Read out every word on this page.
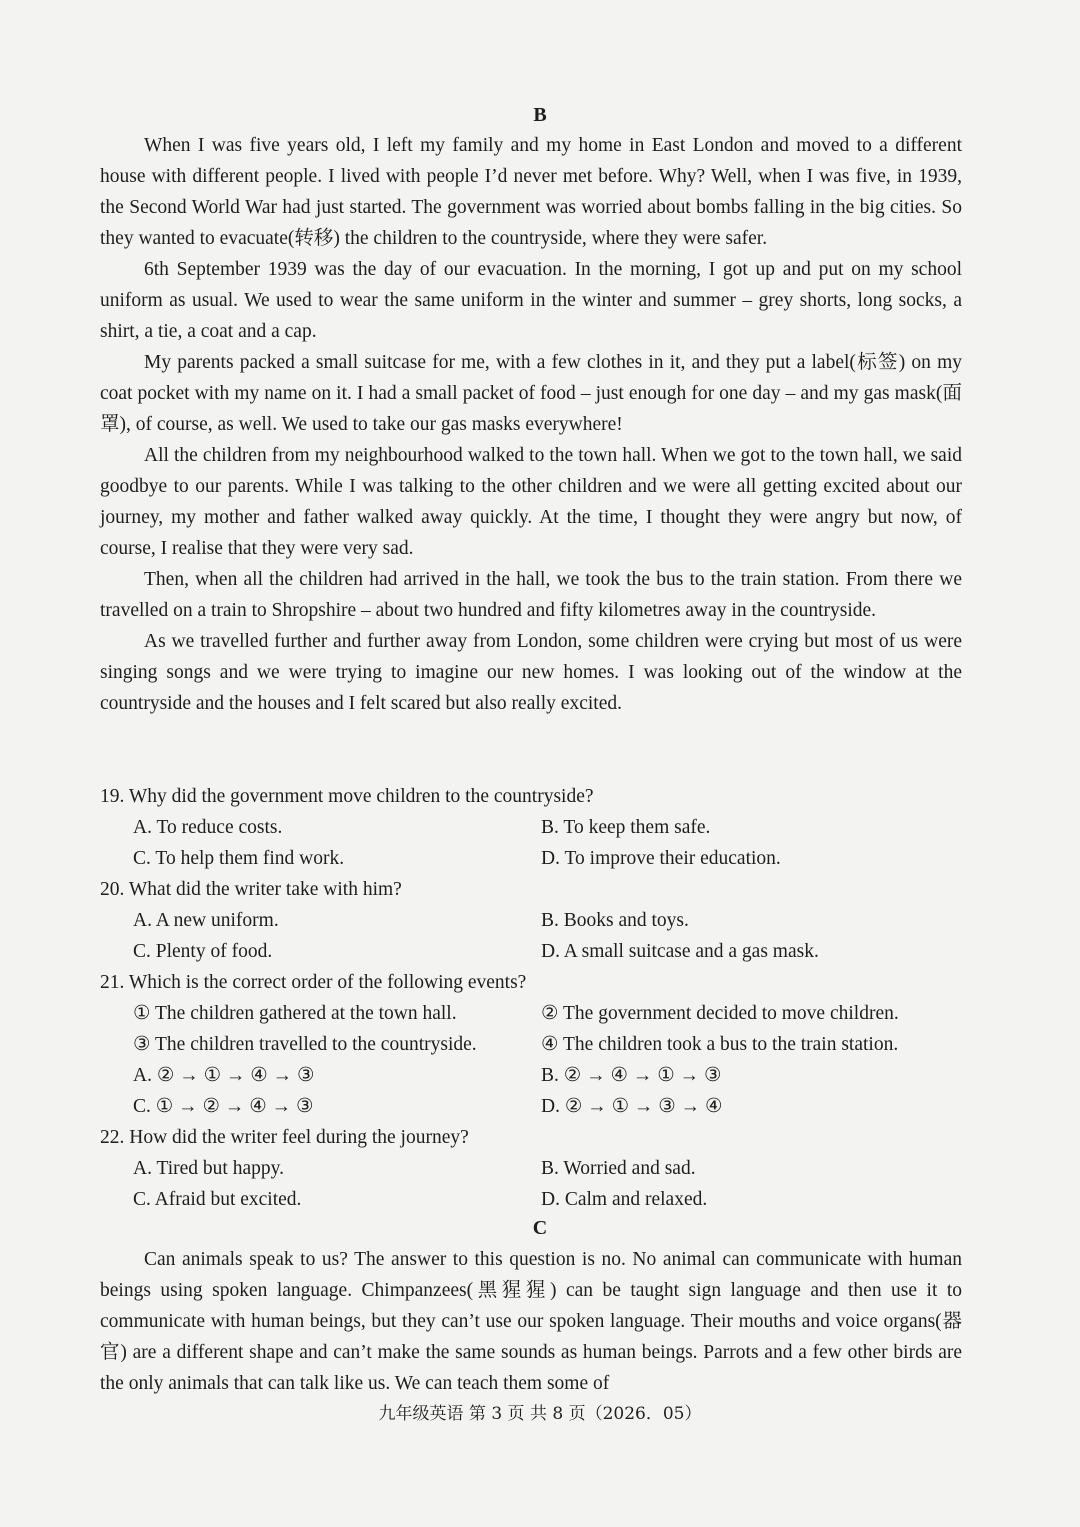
B

When I was five years old, I left my family and my home in East London and moved to a different house with different people. I lived with people I’d never met before. Why? Well, when I was five, in 1939, the Second World War had just started. The government was worried about bombs falling in the big cities. So they wanted to evacuate(转移) the children to the countryside, where they were safer.

6th September 1939 was the day of our evacuation. In the morning, I got up and put on my school uniform as usual. We used to wear the same uniform in the winter and summer – grey shorts, long socks, a shirt, a tie, a coat and a cap.

My parents packed a small suitcase for me, with a few clothes in it, and they put a label(标签) on my coat pocket with my name on it. I had a small packet of food – just enough for one day – and my gas mask(面罩), of course, as well. We used to take our gas masks everywhere!

All the children from my neighbourhood walked to the town hall. When we got to the town hall, we said goodbye to our parents. While I was talking to the other children and we were all getting excited about our journey, my mother and father walked away quickly. At the time, I thought they were angry but now, of course, I realise that they were very sad.

Then, when all the children had arrived in the hall, we took the bus to the train station. From there we travelled on a train to Shropshire – about two hundred and fifty kilometres away in the countryside.

As we travelled further and further away from London, some children were crying but most of us were singing songs and we were trying to imagine our new homes. I was looking out of the window at the countryside and the houses and I felt scared but also really excited.

19. Why did the government move children to the countryside?

A. To reduce costs.	B. To keep them safe.
C. To help them find work.	D. To improve their education.

20. What did the writer take with him?

A. A new uniform.	B. Books and toys.
C. Plenty of food.	D. A small suitcase and a gas mask.

21. Which is the correct order of the following events?

① The children gathered at the town hall.	② The government decided to move children.
③ The children travelled to the countryside.	④ The children took a bus to the train station.
A. ② → ① → ④ → ③	B. ② → ④ → ① → ③
C. ① → ② → ④ → ③	D. ② → ① → ③ → ④

22. How did the writer feel during the journey?

A. Tired but happy.	B. Worried and sad.
C. Afraid but excited.	D. Calm and relaxed.
C

Can animals speak to us? The answer to this question is no. No animal can communicate with human beings using spoken language. Chimpanzees(黑猩猩) can be taught sign language and then use it to communicate with human beings, but they can’t use our spoken language. Their mouths and voice organs(器官) are a different shape and can’t make the same sounds as human beings. Parrots and a few other birds are the only animals that can talk like us. We can teach them some of

九年级英语 第 3 页 共 8 页（2026．05）
